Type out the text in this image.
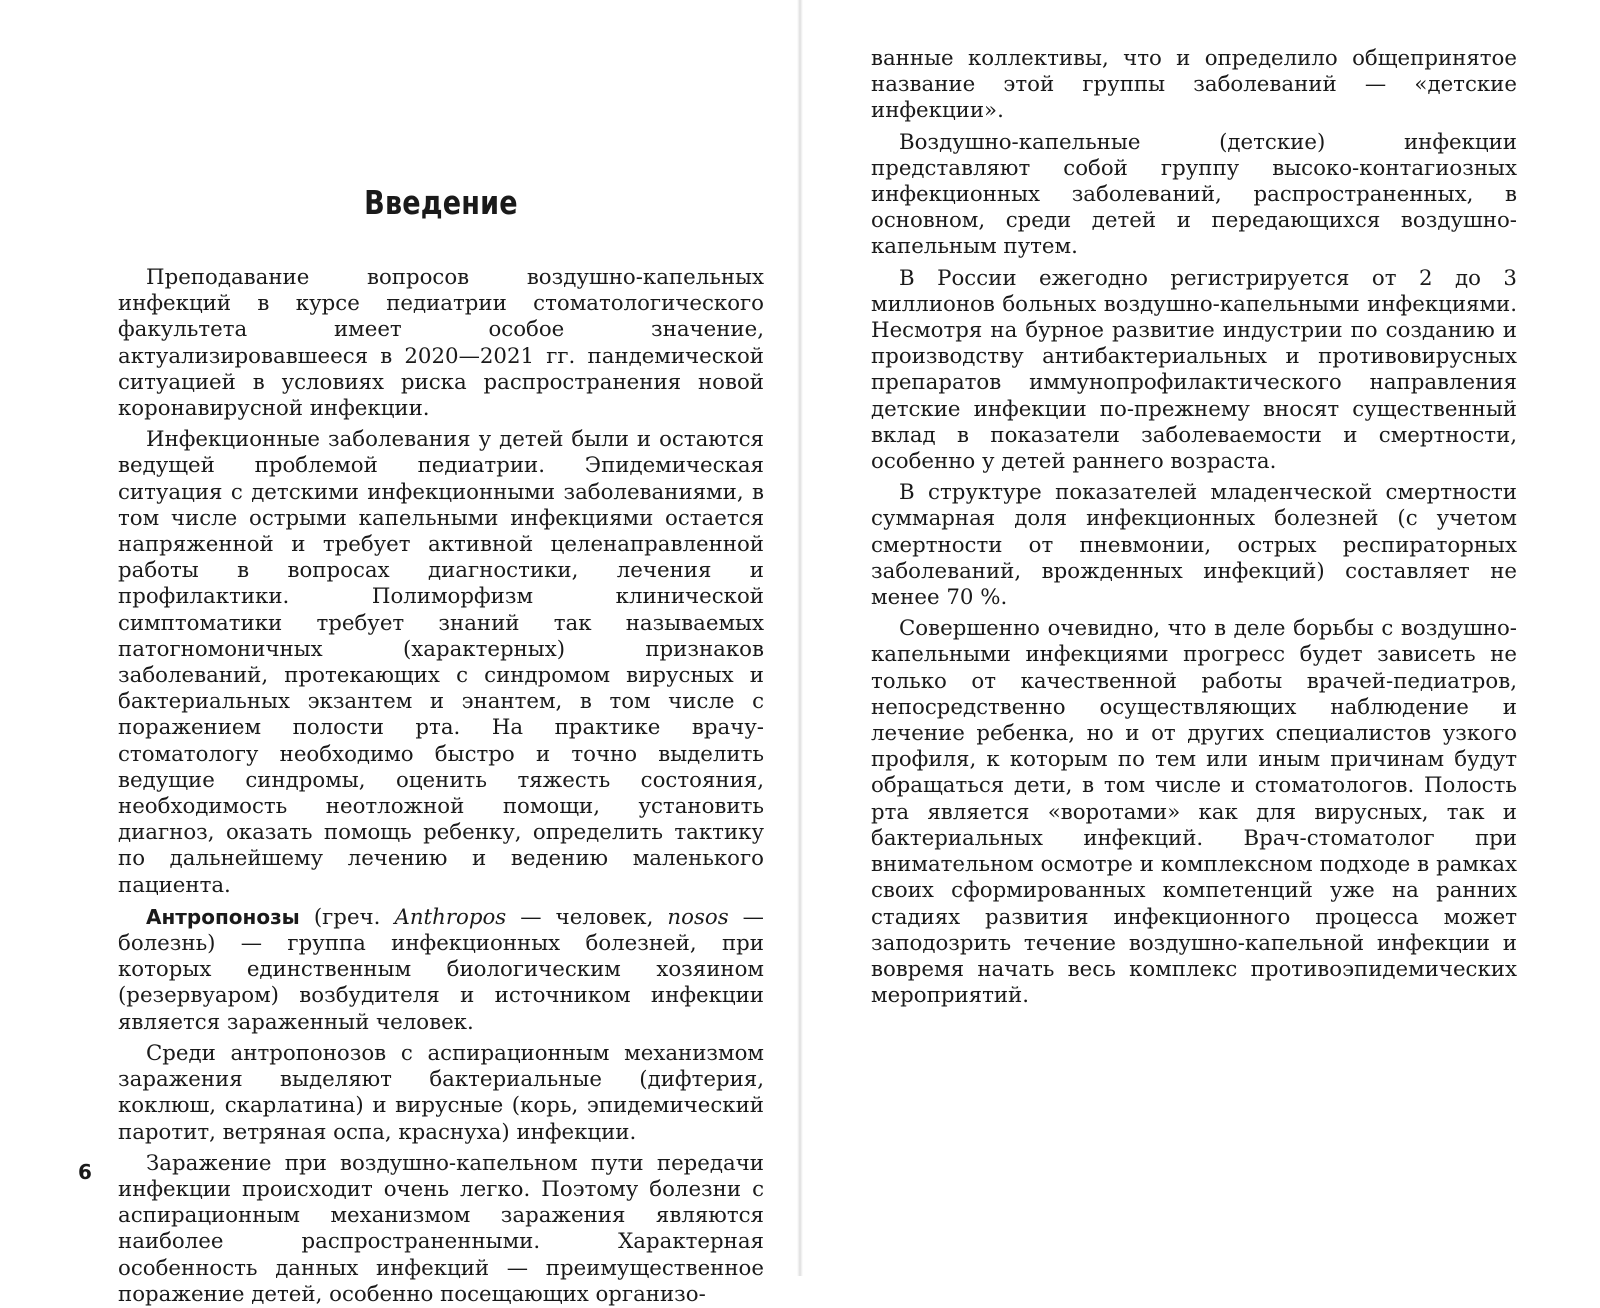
Введение

Преподавание вопросов воздушно-капельных инфекций в курсе педиатрии стоматологического факультета имеет особое значение, актуализировавшееся в 2020—2021 гг. пандемической ситуацией в условиях риска распространения новой коронавирусной инфекции.

Инфекционные заболевания у детей были и остаются ведущей проблемой педиатрии. Эпидемическая ситуация с детскими инфекционными заболеваниями, в том числе острыми капельными инфекциями остается напряженной и требует активной целенаправленной работы в вопросах диагностики, лечения и профилактики. Полиморфизм клинической симптоматики требует знаний так называемых патогномоничных (характерных) признаков заболеваний, протекающих с синдромом вирусных и бактериальных экзантем и энантем, в том числе с поражением полости рта. На практике врачу-стоматологу необходимо быстро и точно выделить ведущие синдромы, оценить тяжесть состояния, необходимость неотложной помощи, установить диагноз, оказать помощь ребенку, определить тактику по дальнейшему лечению и ведению маленького пациента.

Антропонозы (греч. Anthropos — человек, nosos — болезнь) — группа инфекционных болезней, при которых единственным биологическим хозяином (резервуаром) возбудителя и источником инфекции является зараженный человек.

Среди антропонозов с аспирационным механизмом заражения выделяют бактериальные (дифтерия, коклюш, скарлатина) и вирусные (корь, эпидемический паротит, ветряная оспа, краснуха) инфекции.

Заражение при воздушно-капельном пути передачи инфекции происходит очень легко. Поэтому болезни с аспирационным механизмом заражения являются наиболее распространенными. Характерная особенность данных инфекций — преимущественное поражение детей, особенно посещающих организо-

6

ванные коллективы, что и определило общепринятое название этой группы заболеваний — «детские инфекции».

Воздушно-капельные (детские) инфекции представляют собой группу высоко-контагиозных инфекционных заболеваний, распространенных, в основном, среди детей и передающихся воздушно-капельным путем.

В России ежегодно регистрируется от 2 до 3 миллионов больных воздушно-капельными инфекциями. Несмотря на бурное развитие индустрии по созданию и производству антибактериальных и противовирусных препаратов иммунопрофилактического направления детские инфекции по-прежнему вносят существенный вклад в показатели заболеваемости и смертности, особенно у детей раннего возраста.

В структуре показателей младенческой смертности суммарная доля инфекционных болезней (с учетом смертности от пневмонии, острых респираторных заболеваний, врожденных инфекций) составляет не менее 70 %.

Совершенно очевидно, что в деле борьбы с воздушно-капельными инфекциями прогресс будет зависеть не только от качественной работы врачей-педиатров, непосредственно осуществляющих наблюдение и лечение ребенка, но и от других специалистов узкого профиля, к которым по тем или иным причинам будут обращаться дети, в том числе и стоматологов. Полость рта является «воротами» как для вирусных, так и бактериальных инфекций. Врач-стоматолог при внимательном осмотре и комплексном подходе в рамках своих сформированных компетенций уже на ранних стадиях развития инфекционного процесса может заподозрить течение воздушно-капельной инфекции и вовремя начать весь комплекс противоэпидемических мероприятий.
